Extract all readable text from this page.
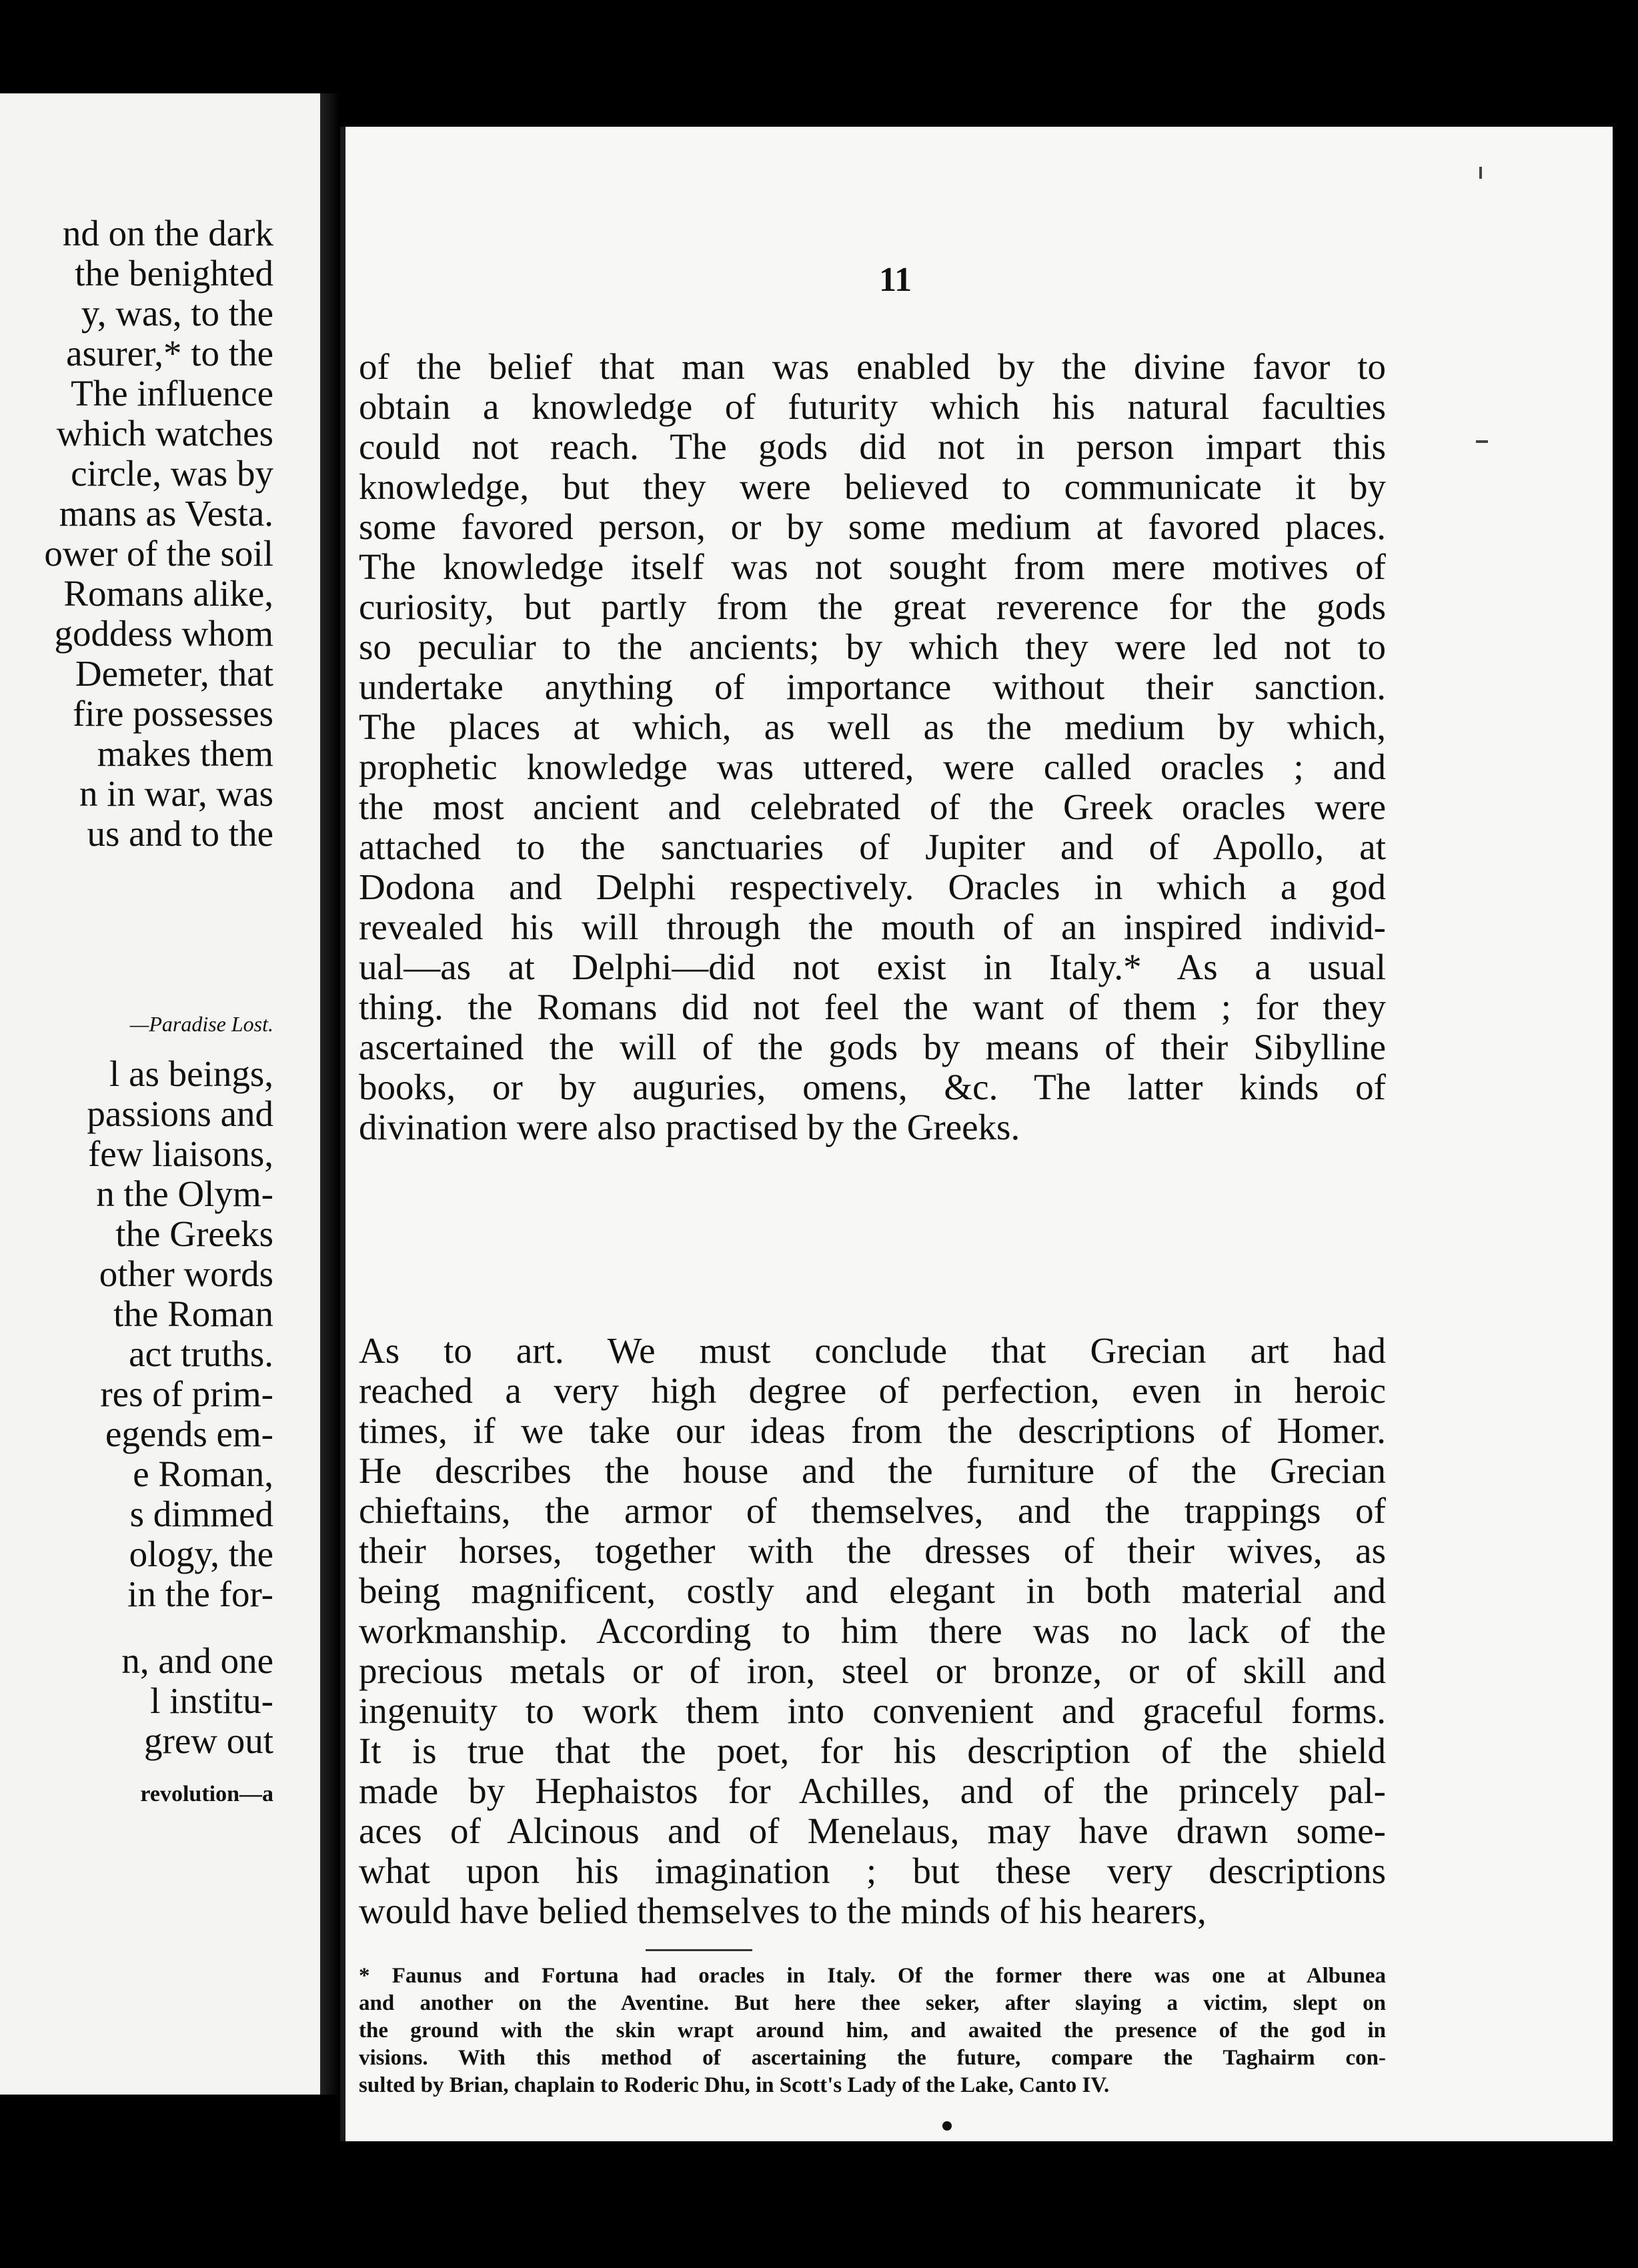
nd on the dark
the benighted
y, was, to the
asurer,* to the
The influence
which watches
circle, was by
mans as Vesta.
ower of the soil
Romans alike,
goddess whom
Demeter, that
fire possesses
makes them
n in war, was
us and to the
—Paradise Lost.
l as beings,
passions and
few liaisons,
n the Olym-
the Greeks
other words
the Roman
act truths.
res of prim-
egends em-
e Roman,
s dimmed
ology, the
in the for-
n, and one
l institu-
grew out
revolution—a
11
of the belief that man was enabled by the divine favor to
obtain a knowledge of futurity which his natural faculties
could not reach. The gods did not in person impart this
knowledge, but they were believed to communicate it by
some favored person, or by some medium at favored places.
The knowledge itself was not sought from mere motives of
curiosity, but partly from the great reverence for the gods
so peculiar to the ancients; by which they were led not to
undertake anything of importance without their sanction.
The places at which, as well as the medium by which,
prophetic knowledge was uttered, were called oracles ; and
the most ancient and celebrated of the Greek oracles were
attached to the sanctuaries of Jupiter and of Apollo, at
Dodona and Delphi respectively. Oracles in which a god
revealed his will through the mouth of an inspired individ-
ual—as at Delphi—did not exist in Italy.* As a usual
thing. the Romans did not feel the want of them ; for they
ascertained the will of the gods by means of their Sibylline
books, or by auguries, omens, &c. The latter kinds of
divination were also practised by the Greeks.
As to art. We must conclude that Grecian art had
reached a very high degree of perfection, even in heroic
times, if we take our ideas from the descriptions of Homer.
He describes the house and the furniture of the Grecian
chieftains, the armor of themselves, and the trappings of
their horses, together with the dresses of their wives, as
being magnificent, costly and elegant in both material and
workmanship. According to him there was no lack of the
precious metals or of iron, steel or bronze, or of skill and
ingenuity to work them into convenient and graceful forms.
It is true that the poet, for his description of the shield
made by Hephaistos for Achilles, and of the princely pal-
aces of Alcinous and of Menelaus, may have drawn some-
what upon his imagination ; but these very descriptions
would have belied themselves to the minds of his hearers,
* Faunus and Fortuna had oracles in Italy. Of the former there was one at Albunea
and another on the Aventine. But here thee seker, after slaying a victim, slept on
the ground with the skin wrapt around him, and awaited the presence of the god in
visions. With this method of ascertaining the future, compare the Taghairm con-
sulted by Brian, chaplain to Roderic Dhu, in Scott's Lady of the Lake, Canto IV.
